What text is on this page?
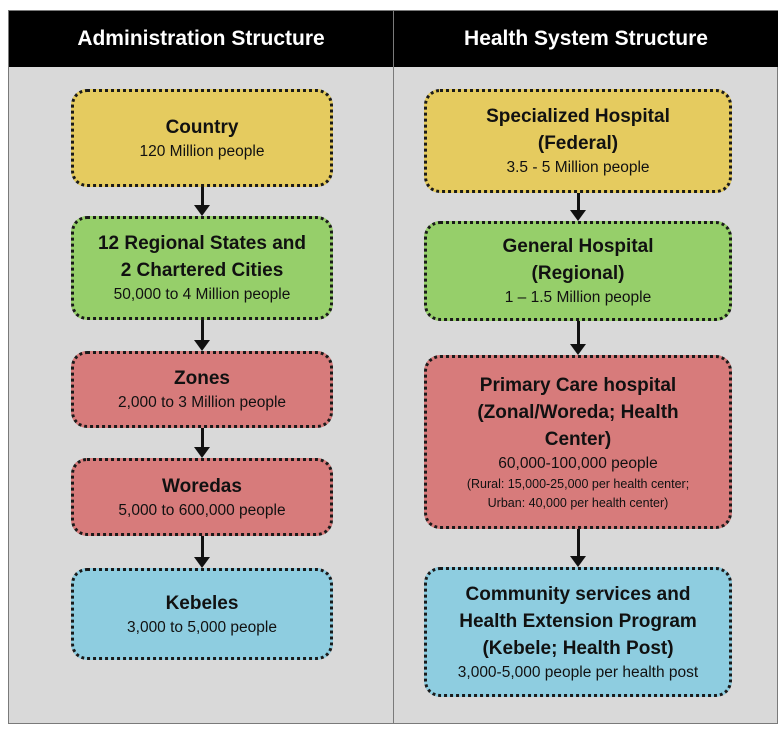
Administration Structure
Country
120 Million people
12 Regional States and
2 Chartered Cities
50,000 to 4 Million people
Zones
2,000 to 3 Million people
Woredas
5,000 to 600,000 people
Kebeles
3,000 to 5,000 people
Health System Structure
Specialized Hospital
(Federal)
3.5 - 5 Million people
General Hospital
(Regional)
1 – 1.5 Million people
Primary Care hospital
(Zonal/Woreda; Health
Center)
60,000-100,000 people
(Rural: 15,000-25,000 per health center;
Urban: 40,000 per health center)
Community services and
Health Extension Program
(Kebele; Health Post)
3,000-5,000 people per health post
